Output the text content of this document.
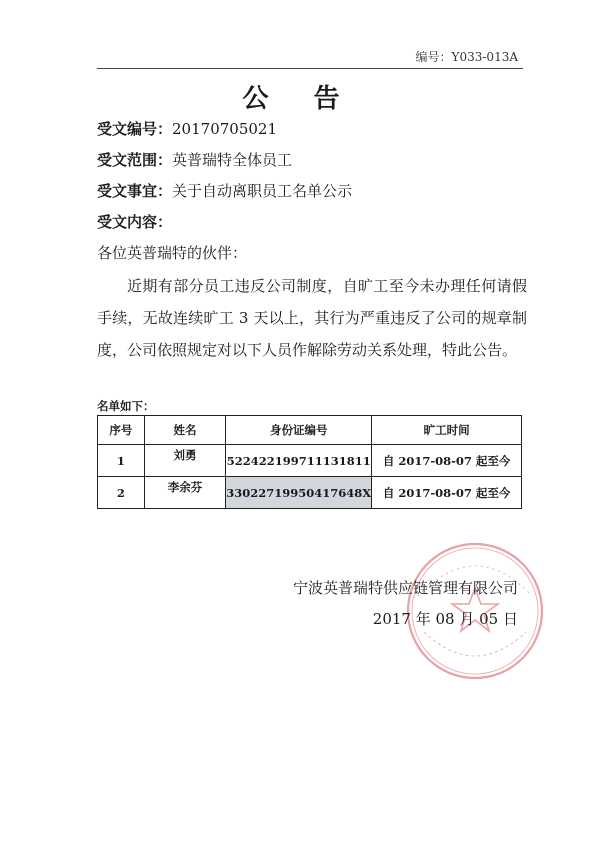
编号：Y033-013A
公 告
受文编号：20170705021
受文范围：英普瑞特全体员工
受文事宜：关于自动离职员工名单公示
受文内容：
各位英普瑞特的伙伴：
近期有部分员工违反公司制度，自旷工至今未办理任何请假手续，无故连续旷工 3 天以上，其行为严重违反了公司的规章制度，公司依照规定对以下人员作解除劳动关系处理，特此公告。
名单如下：
序号	姓名	身份证编号	旷工时间
1	刘勇	522422199711131811	自 2017-08-07 起至今
2	李余芬	33022719950417648X	自 2017-08-07 起至今
宁波英普瑞特供应链管理有限公司
2017 年 08 月 05 日
